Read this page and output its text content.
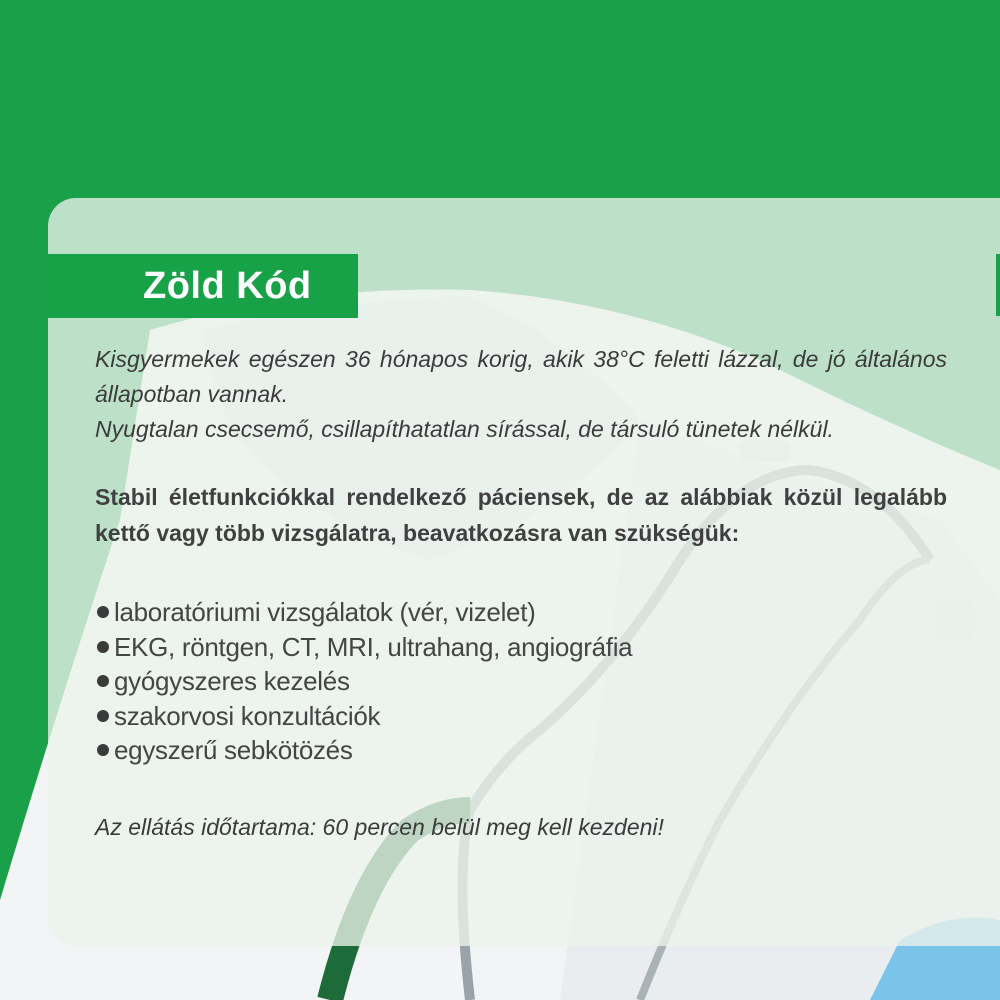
Zöld Kód

Kisgyermekek egészen 36 hónapos korig, akik 38°C feletti lázzal, de jó általános állapotban vannak.

Nyugtalan csecsemő, csillapíthatatlan sírással, de társuló tünetek nélkül.

Stabil életfunkciókkal rendelkező páciensek, de az alábbiak közül legalább kettő vagy több vizsgálatra, beavatkozásra van szükségük:

laboratóriumi vizsgálatok (vér, vizelet)
EKG, röntgen, CT, MRI, ultrahang, angiográfia
gyógyszeres kezelés
szakorvosi konzultációk
egyszerű sebkötözés

Az ellátás időtartama: 60 percen belül meg kell kezdeni!
